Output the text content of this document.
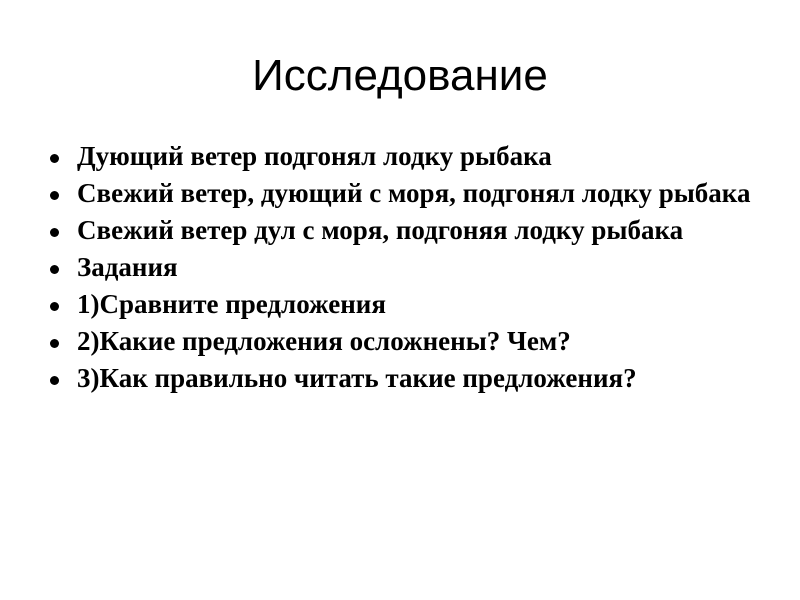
Исследование
Дующий ветер подгонял лодку рыбака
Свежий ветер, дующий с моря, подгонял лодку рыбака
Свежий ветер дул с моря, подгоняя лодку рыбака
Задания
1)Сравните предложения
2)Какие предложения осложнены? Чем?
3)Как правильно читать такие предложения?
